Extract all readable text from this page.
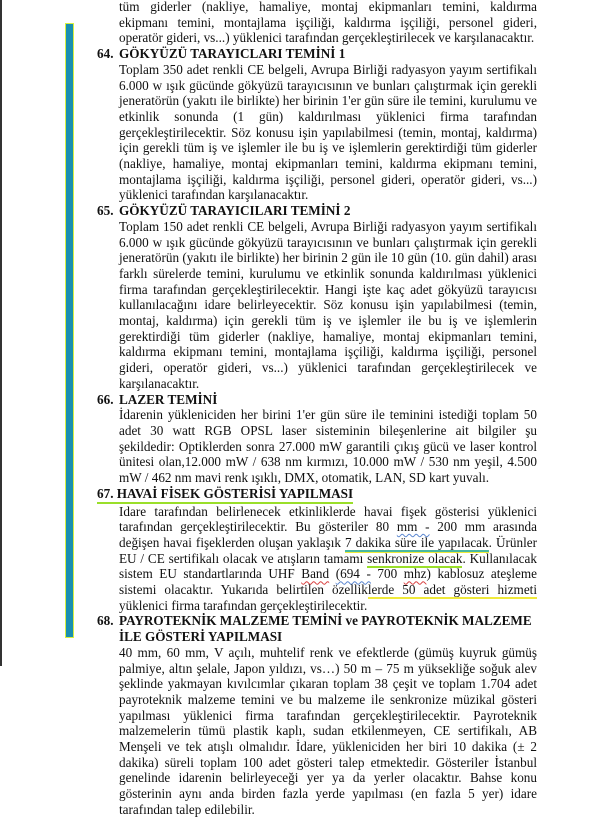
tüm giderler (nakliye, hamaliye, montaj ekipmanları temini, kaldırma ekipmanı temini, montajlama işçiliği, kaldırma işçiliği, personel gideri, operatör gideri, vs...) yüklenici tarafından gerçekleştirilecek ve karşılanacaktır.

64. GÖKYÜZÜ TARAYICLARI TEMİNİ 1

Toplam 350 adet renkli CE belgeli, Avrupa Birliği radyasyon yayım sertifikalı 6.000 w ışık gücünde gökyüzü tarayıcısının ve bunları çalıştırmak için gerekli jeneratörün (yakıtı ile birlikte) her birinin 1'er gün süre ile temini, kurulumu ve etkinlik sonunda (1 gün) kaldırılması yüklenici firma tarafından gerçekleştirilecektir. Söz konusu işin yapılabilmesi (temin, montaj, kaldırma) için gerekli tüm iş ve işlemler ile bu iş ve işlemlerin gerektirdiği tüm giderler (nakliye, hamaliye, montaj ekipmanları temini, kaldırma ekipmanı temini, montajlama işçiliği, kaldırma işçiliği, personel gideri, operatör gideri, vs...) yüklenici tarafından karşılanacaktır.

65. GÖKYÜZÜ TARAYICILARI TEMİNİ 2

Toplam 150 adet renkli CE belgeli, Avrupa Birliği radyasyon yayım sertifikalı 6.000 w ışık gücünde gökyüzü tarayıcısının ve bunları çalıştırmak için gerekli jeneratörün (yakıtı ile birlikte) her birinin 2 gün ile 10 gün (10. gün dahil) arası farklı sürelerde temini, kurulumu ve etkinlik sonunda kaldırılması yüklenici firma tarafından gerçekleştirilecektir. Hangi işte kaç adet gökyüzü tarayıcısı kullanılacağını idare belirleyecektir. Söz konusu işin yapılabilmesi (temin, montaj, kaldırma) için gerekli tüm iş ve işlemler ile bu iş ve işlemlerin gerektirdiği tüm giderler (nakliye, hamaliye, montaj ekipmanları temini, kaldırma ekipmanı temini, montajlama işçiliği, kaldırma işçiliği, personel gideri, operatör gideri, vs...) yüklenici tarafından gerçekleştirilecek ve karşılanacaktır.

66. LAZER TEMİNİ

İdarenin yükleniciden her birini 1'er gün süre ile teminini istediği toplam 50 adet 30 watt RGB OPSL laser sisteminin bileşenlerine ait bilgiler şu şekildedir: Optiklerden sonra 27.000 mW garantili çıkış gücü ve laser kontrol ünitesi olan,12.000 mW / 638 nm kırmızı, 10.000 mW / 530 nm yeşil, 4.500 mW / 462 nm mavi renk ışıklı, DMX, otomatik, LAN, SD kart yuvalı.

67. HAVAİ FİSEK GÖSTERİSİ YAPILMASI

Idare tarafından belirlenecek etkinliklerde havai fişek gösterisi yüklenici tarafından gerçekleştirilecektir. Bu gösteriler 80 mm - 200 mm arasında değişen havai fişeklerden oluşan yaklaşık 7 dakika süre ile yapılacak. Ürünler EU / CE sertifikalı olacak ve atışların tamamı senkronize olacak. Kullanılacak sistem EU standartlarında UHF Band (694 - 700 mhz) kablosuz ateşleme sistemi olacaktır. Yukarıda belirtilen özelliklerde 50 adet gösteri hizmeti yüklenici firma tarafından gerçekleştirilecektir.

68. PAYROTEKNİK MALZEME TEMİNİ ve PAYROTEKNİK MALZEME İLE GÖSTERİ YAPILMASI

40 mm, 60 mm, V açılı, muhtelif renk ve efektlerde (gümüş kuyruk gümüş palmiye, altın şelale, Japon yıldızı, vs…) 50 m – 75 m yüksekliğe soğuk alev şeklinde yakmayan kıvılcımlar çıkaran toplam 38 çeşit ve toplam 1.704 adet payroteknik malzeme temini ve bu malzeme ile senkronize müzikal gösteri yapılması yüklenici firma tarafından gerçekleştirilecektir. Payroteknik malzemelerin tümü plastik kaplı, sudan etkilenmeyen, CE sertifikalı, AB Menşeli ve tek atışlı olmalıdır. İdare, yükleniciden her biri 10 dakika (± 2 dakika) süreli toplam 100 adet gösteri talep etmektedir. Gösteriler İstanbul genelinde idarenin belirleyeceği yer ya da yerler olacaktır. Bahse konu gösterinin aynı anda birden fazla yerde yapılması (en fazla 5 yer) idare tarafından talep edilebilir.
